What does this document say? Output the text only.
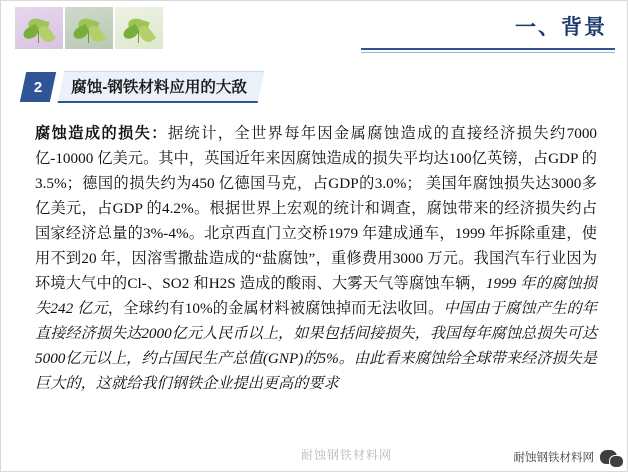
一、背景
2 腐蚀-钢铁材料应用的大敌
腐蚀造成的损失：据统计，全世界每年因金属腐蚀造成的直接经济损失约7000亿-10000 亿美元。其中，英国近年来因腐蚀造成的损失平均达100亿英镑，占GDP 的3.5%；德国的损失约为450 亿德国马克，占GDP的3.0%； 美国年腐蚀损失达3000多亿美元，占GDP 的4.2%。根据世界上宏观的统计和调查，腐蚀带来的经济损失约占国家经济总量的3%-4%。北京西直门立交桥1979 年建成通车，1999 年拆除重建，使用不到20 年，因溶雪撒盐造成的“盐腐蚀”，重修费用3000 万元。我国汽车行业因为环境大气中的Cl-、SO2 和H2S 造成的酸雨、大雾天气等腐蚀车辆，1999 年的腐蚀损失242 亿元，全球约有10%的金属材料被腐蚀掉而无法收回。中国由于腐蚀产生的年直接经济损失达2000亿元人民币以上，如果包括间接损失，我国每年腐蚀总损失可达5000亿元以上，约占国民生产总值(GNP)的5%。由此看来腐蚀给全球带来经济损失是巨大的，这就给我们钢铁企业提出更高的要求
耐蚀钢铁材料网	耐蚀钢铁材料网
